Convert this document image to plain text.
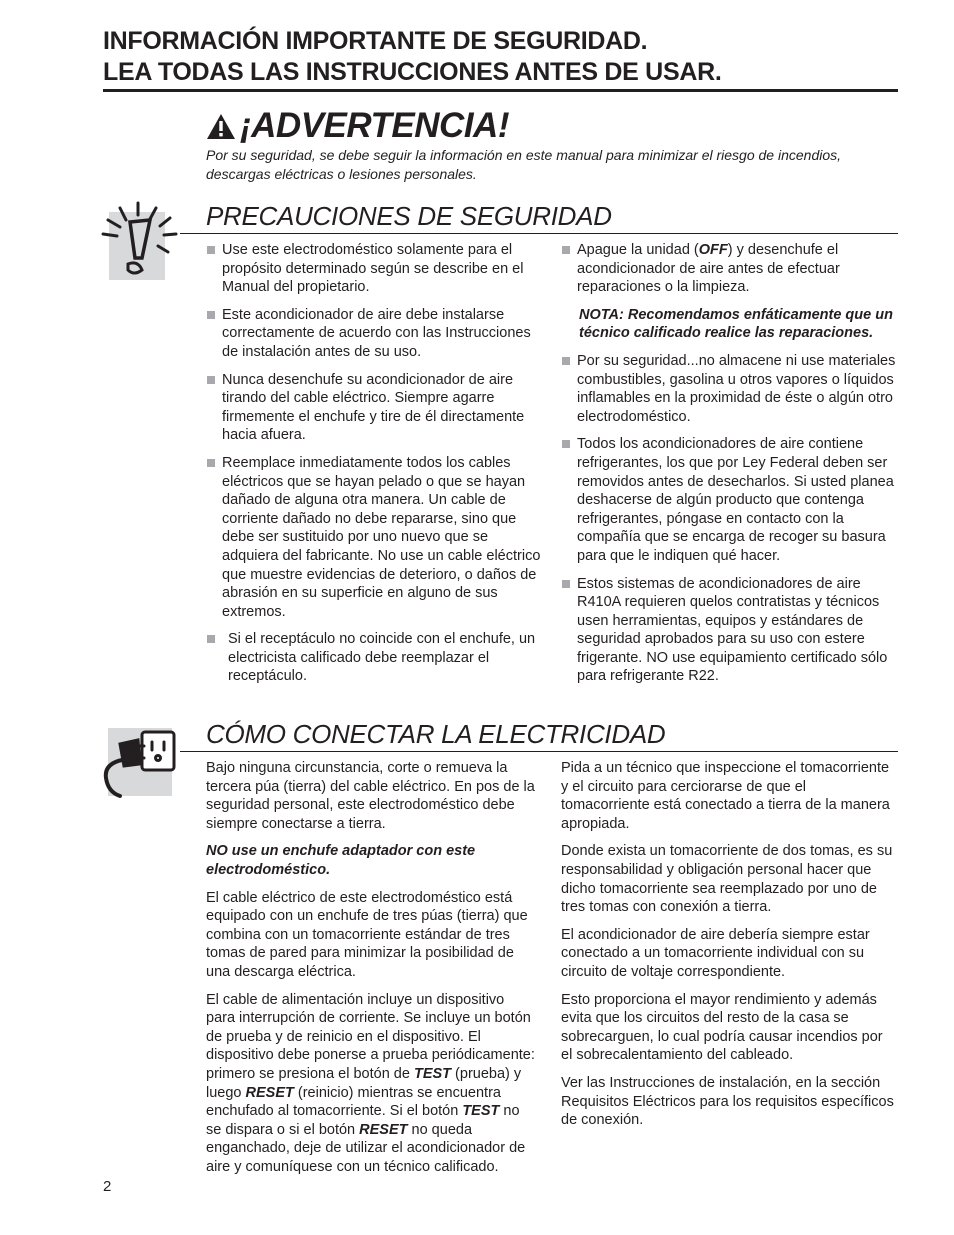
INFORMACIÓN IMPORTANTE DE SEGURIDAD.
LEA TODAS LAS INSTRUCCIONES ANTES DE USAR.
¡ADVERTENCIA!
Por su seguridad, se debe seguir la información en este manual para minimizar el riesgo de incendios, descargas eléctricas o lesiones personales.
PRECAUCIONES DE SEGURIDAD
Use este electrodoméstico solamente para el propósito determinado según se describe en el Manual del propietario.
Este acondicionador de aire debe instalarse correctamente de acuerdo con las Instrucciones de instalación antes de su uso.
Nunca desenchufe su acondicionador de aire tirando del cable eléctrico. Siempre agarre firmemente el enchufe y tire de él directamente hacia afuera.
Reemplace inmediatamente todos los cables eléctricos que se hayan pelado o que se hayan dañado de alguna otra manera. Un cable de corriente dañado no debe repararse, sino que debe ser sustituido por uno nuevo que se adquiera del fabricante. No use un cable eléctrico que muestre evidencias de deterioro, o daños de abrasión en su superficie en alguno de sus extremos.
Si el receptáculo no coincide con el enchufe, un electricista calificado debe reemplazar el receptáculo.
Apague la unidad (OFF) y desenchufe el acondicionador de aire antes de efectuar reparaciones o la limpieza.
NOTA: Recomendamos enfáticamente que un técnico calificado realice las reparaciones.
Por su seguridad...no almacene ni use materiales combustibles, gasolina u otros vapores o líquidos inflamables en la proximidad de éste o algún otro electrodoméstico.
Todos los acondicionadores de aire contiene refrigerantes, los que por Ley Federal deben ser removidos antes de desecharlos. Si usted planea deshacerse de algún producto que contenga refrigerantes, póngase en contacto con la compañía que se encarga de recoger su basura para que le indiquen qué hacer.
Estos sistemas de acondicionadores de aire R410A requieren quelos contratistas y técnicos usen herramientas, equipos y estándares de seguridad aprobados para su uso con estere frigerante. NO use equipamiento certificado sólo para refrigerante R22.
CÓMO CONECTAR LA ELECTRICIDAD

Bajo ninguna circunstancia, corte o remueva la tercera púa (tierra) del cable eléctrico. En pos de la seguridad personal, este electrodoméstico debe siempre conectarse a tierra.

NO use un enchufe adaptador con este electrodoméstico.

El cable eléctrico de este electrodoméstico está equipado con un enchufe de tres púas (tierra) que combina con un tomacorriente estándar de tres tomas de pared para minimizar la posibilidad de una descarga eléctrica.

El cable de alimentación incluye un dispositivo para interrupción de corriente. Se incluye un botón de prueba y de reinicio en el dispositivo. El dispositivo debe ponerse a prueba periódicamente: primero se presiona el botón de TEST (prueba) y luego RESET (reinicio) mientras se encuentra enchufado al tomacorriente. Si el botón TEST no se dispara o si el botón RESET no queda enganchado, deje de utilizar el acondicionador de aire y comuníquese con un técnico calificado.

Pida a un técnico que inspeccione el tomacorriente y el circuito para cerciorarse de que el tomacorriente está conectado a tierra de la manera apropiada.

Donde exista un tomacorriente de dos tomas, es su responsabilidad y obligación personal hacer que dicho tomacorriente sea reemplazado por uno de tres tomas con conexión a tierra.

El acondicionador de aire debería siempre estar conectado a un tomacorriente individual con su circuito de voltaje correspondiente.

Esto proporciona el mayor rendimiento y además evita que los circuitos del resto de la casa se sobrecarguen, lo cual podría causar incendios por el sobrecalentamiento del cableado.

Ver las Instrucciones de instalación, en la sección Requisitos Eléctricos para los requisitos específicos de conexión.

2
